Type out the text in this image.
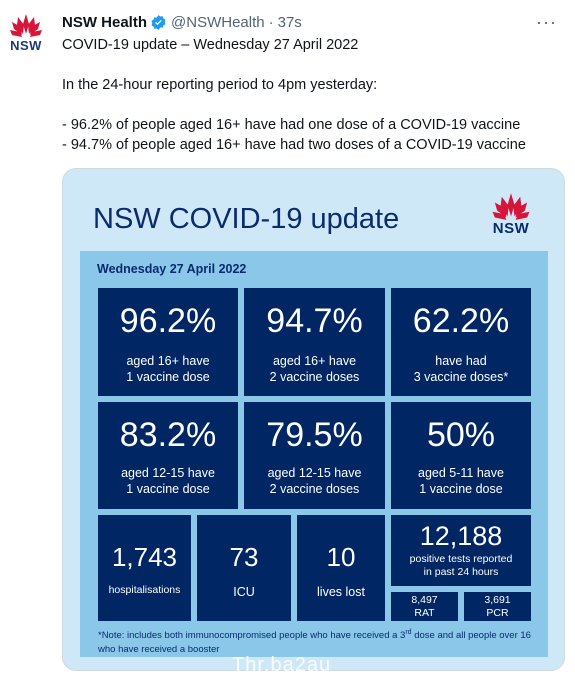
NSW
NSW Health @NSWHealth · 37s	···

COVID-19 update – Wednesday 27 April 2022

In the 24-hour reporting period to 4pm yesterday:

- 96.2% of people aged 16+ have had one dose of a COVID-19 vaccine

- 94.7% of people aged 16+ have had two doses of a COVID-19 vaccine

NSW COVID-19 update	NSW
Wednesday 27 April 2022
96.2%
aged 16+ have
1 vaccine dose
94.7%
aged 16+ have
2 vaccine doses
62.2%
have had
3 vaccine doses*
83.2%
aged 12-15 have
1 vaccine dose
79.5%
aged 12-15 have
2 vaccine doses
50%
aged 5-11 have
1 vaccine dose
1,743
hospitalisations
73
ICU
10
lives lost
12,188
positive tests reported
in past 24 hours
8,497
RAT
3,691
PCR
*Note: includes both immunocompromised people who have received a 3rd dose and all people over 16 who have received a booster
Thr.ba2au
